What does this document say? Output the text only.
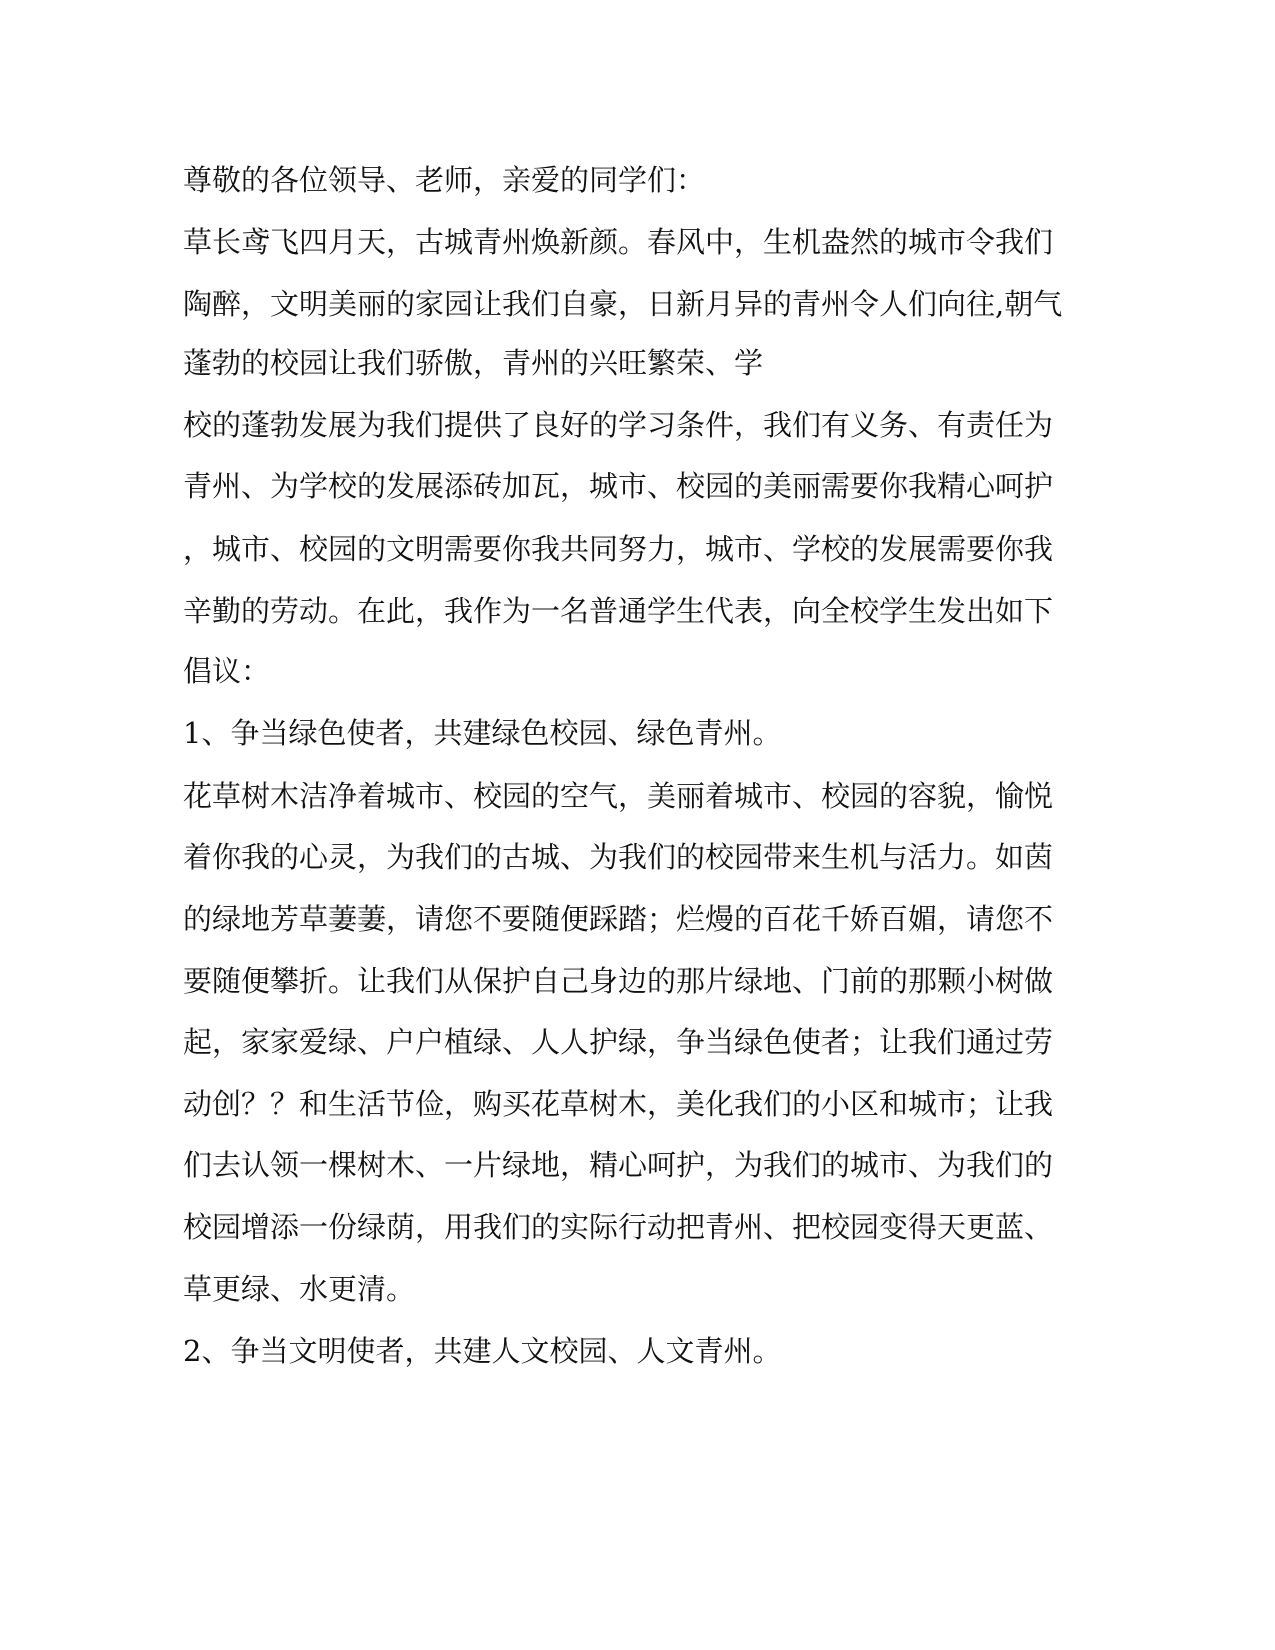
尊敬的各位领导、老师，亲爱的同学们：

草长鸢飞四月天，古城青州焕新颜。春风中，生机盎然的城市令我们

陶醉，文明美丽的家园让我们自豪，日新月异的青州令人们向往,朝气

蓬勃的校园让我们骄傲，青州的兴旺繁荣、学

校的蓬勃发展为我们提供了良好的学习条件，我们有义务、有责任为

青州、为学校的发展添砖加瓦，城市、校园的美丽需要你我精心呵护

，城市、校园的文明需要你我共同努力，城市、学校的发展需要你我

辛勤的劳动。在此，我作为一名普通学生代表，向全校学生发出如下

倡议：

1、争当绿色使者，共建绿色校园、绿色青州。

花草树木洁净着城市、校园的空气，美丽着城市、校园的容貌，愉悦

着你我的心灵，为我们的古城、为我们的校园带来生机与活力。如茵

的绿地芳草萋萋，请您不要随便踩踏；烂熳的百花千娇百媚，请您不

要随便攀折。让我们从保护自己身边的那片绿地、门前的那颗小树做

起，家家爱绿、户户植绿、人人护绿，争当绿色使者；让我们通过劳

动创？？和生活节俭，购买花草树木，美化我们的小区和城市；让我

们去认领一棵树木、一片绿地，精心呵护，为我们的城市、为我们的

校园增添一份绿荫，用我们的实际行动把青州、把校园变得天更蓝、

草更绿、水更清。

2、争当文明使者，共建人文校园、人文青州。
